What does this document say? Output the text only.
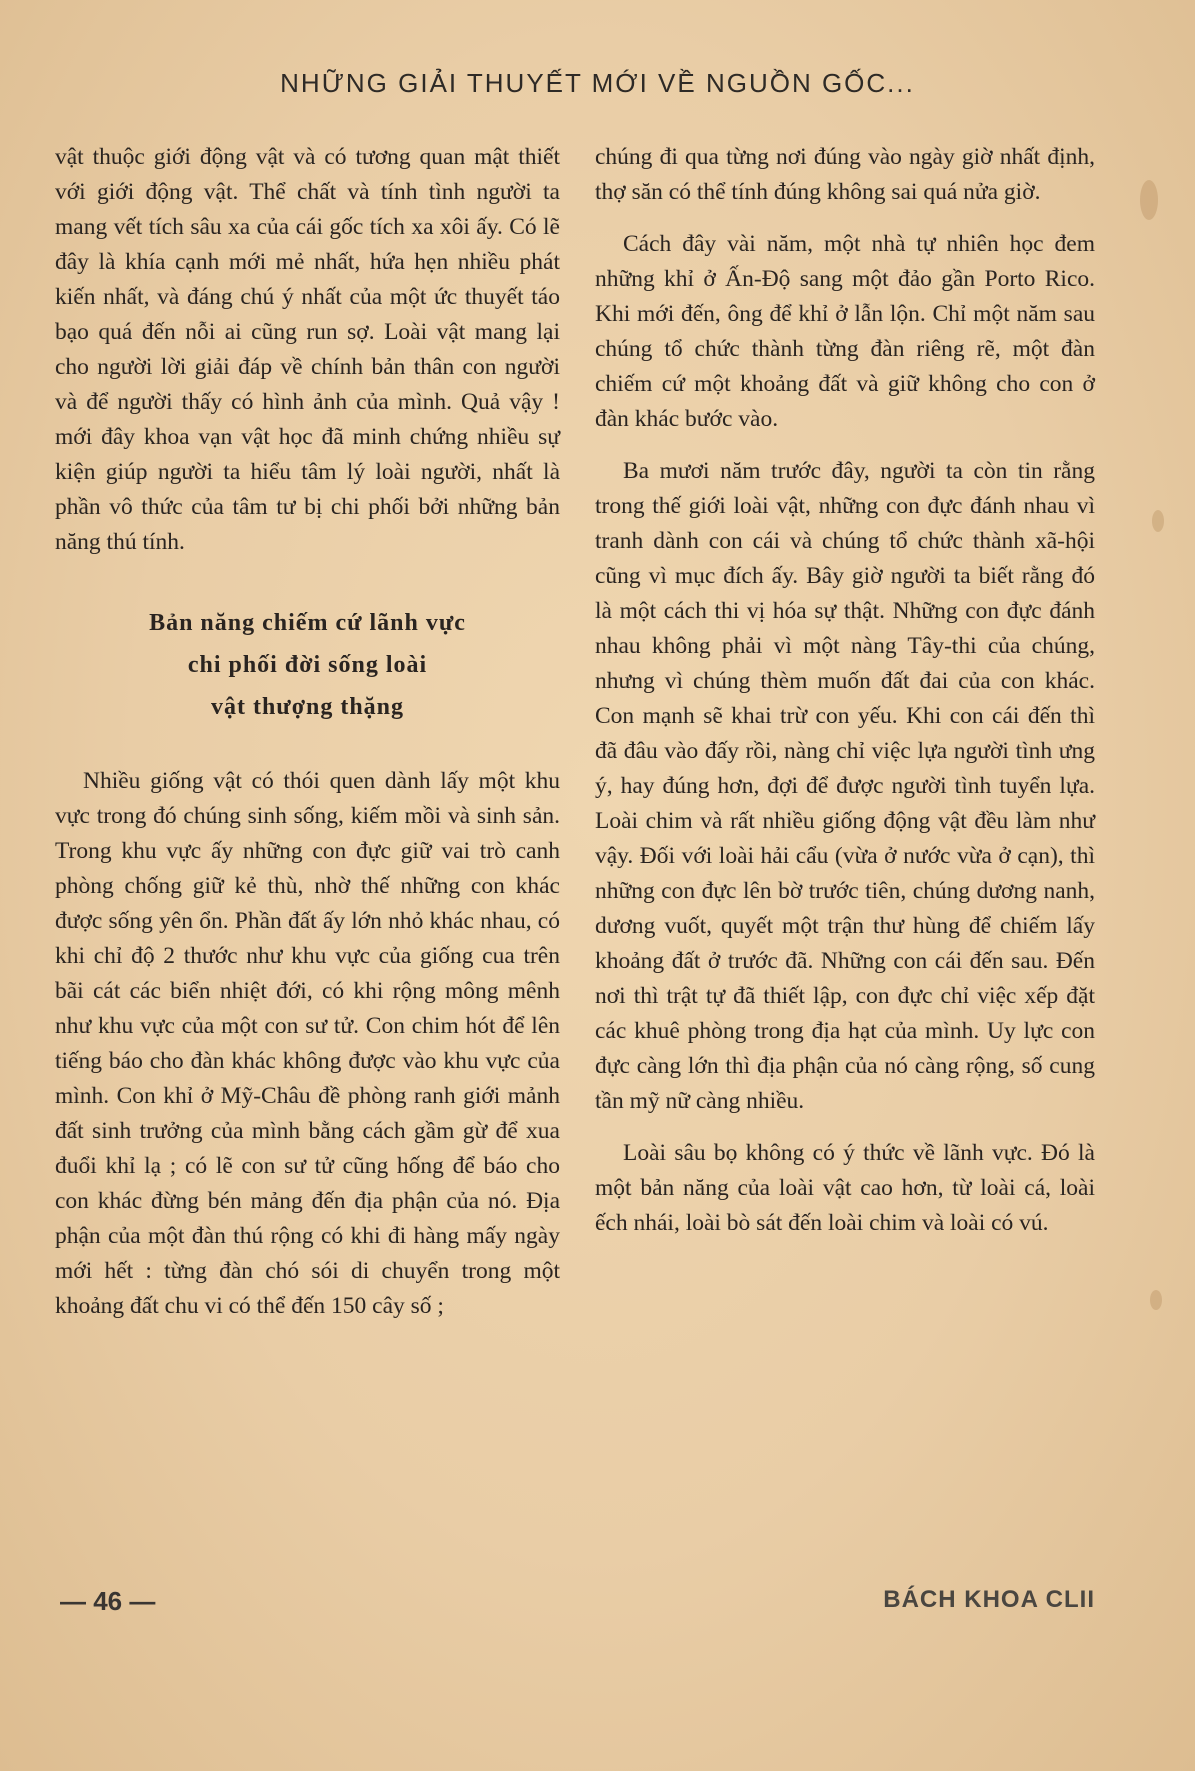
NHỮNG GIẢI THUYẾT MỚI VỀ NGUỒN GỐC...

vật thuộc giới động vật và có tương quan mật thiết với giới động vật. Thể chất và tính tình người ta mang vết tích sâu xa của cái gốc tích xa xôi ấy. Có lẽ đây là khía cạnh mới mẻ nhất, hứa hẹn nhiều phát kiến nhất, và đáng chú ý nhất của một ức thuyết táo bạo quá đến nỗi ai cũng run sợ. Loài vật mang lại cho người lời giải đáp về chính bản thân con người và để người thấy có hình ảnh của mình. Quả vậy ! mới đây khoa vạn vật học đã minh chứng nhiều sự kiện giúp người ta hiểu tâm lý loài người, nhất là phần vô thức của tâm tư bị chi phối bởi những bản năng thú tính.

Bản năng chiếm cứ lãnh vực
chi phối đời sống loài
vật thượng thặng

Nhiều giống vật có thói quen dành lấy một khu vực trong đó chúng sinh sống, kiếm mồi và sinh sản. Trong khu vực ấy những con đực giữ vai trò canh phòng chống giữ kẻ thù, nhờ thế những con khác được sống yên ổn. Phần đất ấy lớn nhỏ khác nhau, có khi chỉ độ 2 thước như khu vực của giống cua trên bãi cát các biển nhiệt đới, có khi rộng mông mênh như khu vực của một con sư tử. Con chim hót để lên tiếng báo cho đàn khác không được vào khu vực của mình. Con khỉ ở Mỹ-Châu đề phòng ranh giới mảnh đất sinh trưởng của mình bằng cách gầm gừ để xua đuổi khỉ lạ ; có lẽ con sư tử cũng hống để báo cho con khác đừng bén mảng đến địa phận của nó. Địa phận của một đàn thú rộng có khi đi hàng mấy ngày mới hết : từng đàn chó sói di chuyển trong một khoảng đất chu vi có thể đến 150 cây số ;

chúng đi qua từng nơi đúng vào ngày giờ nhất định, thợ săn có thể tính đúng không sai quá nửa giờ.

Cách đây vài năm, một nhà tự nhiên học đem những khỉ ở Ấn-Độ sang một đảo gần Porto Rico. Khi mới đến, ông để khỉ ở lẫn lộn. Chỉ một năm sau chúng tổ chức thành từng đàn riêng rẽ, một đàn chiếm cứ một khoảng đất và giữ không cho con ở đàn khác bước vào.

Ba mươi năm trước đây, người ta còn tin rằng trong thế giới loài vật, những con đực đánh nhau vì tranh dành con cái và chúng tổ chức thành xã-hội cũng vì mục đích ấy. Bây giờ người ta biết rằng đó là một cách thi vị hóa sự thật. Những con đực đánh nhau không phải vì một nàng Tây-thi của chúng, nhưng vì chúng thèm muốn đất đai của con khác. Con mạnh sẽ khai trừ con yếu. Khi con cái đến thì đã đâu vào đấy rồi, nàng chỉ việc lựa người tình ưng ý, hay đúng hơn, đợi để được người tình tuyển lựa. Loài chim và rất nhiều giống động vật đều làm như vậy. Đối với loài hải cẩu (vừa ở nước vừa ở cạn), thì những con đực lên bờ trước tiên, chúng dương nanh, dương vuốt, quyết một trận thư hùng để chiếm lấy khoảng đất ở trước đã. Những con cái đến sau. Đến nơi thì trật tự đã thiết lập, con đực chỉ việc xếp đặt các khuê phòng trong địa hạt của mình. Uy lực con đực càng lớn thì địa phận của nó càng rộng, số cung tần mỹ nữ càng nhiều.

Loài sâu bọ không có ý thức về lãnh vực. Đó là một bản năng của loài vật cao hơn, từ loài cá, loài ếch nhái, loài bò sát đến loài chim và loài có vú.

— 46 —	BÁCH KHOA CLII
